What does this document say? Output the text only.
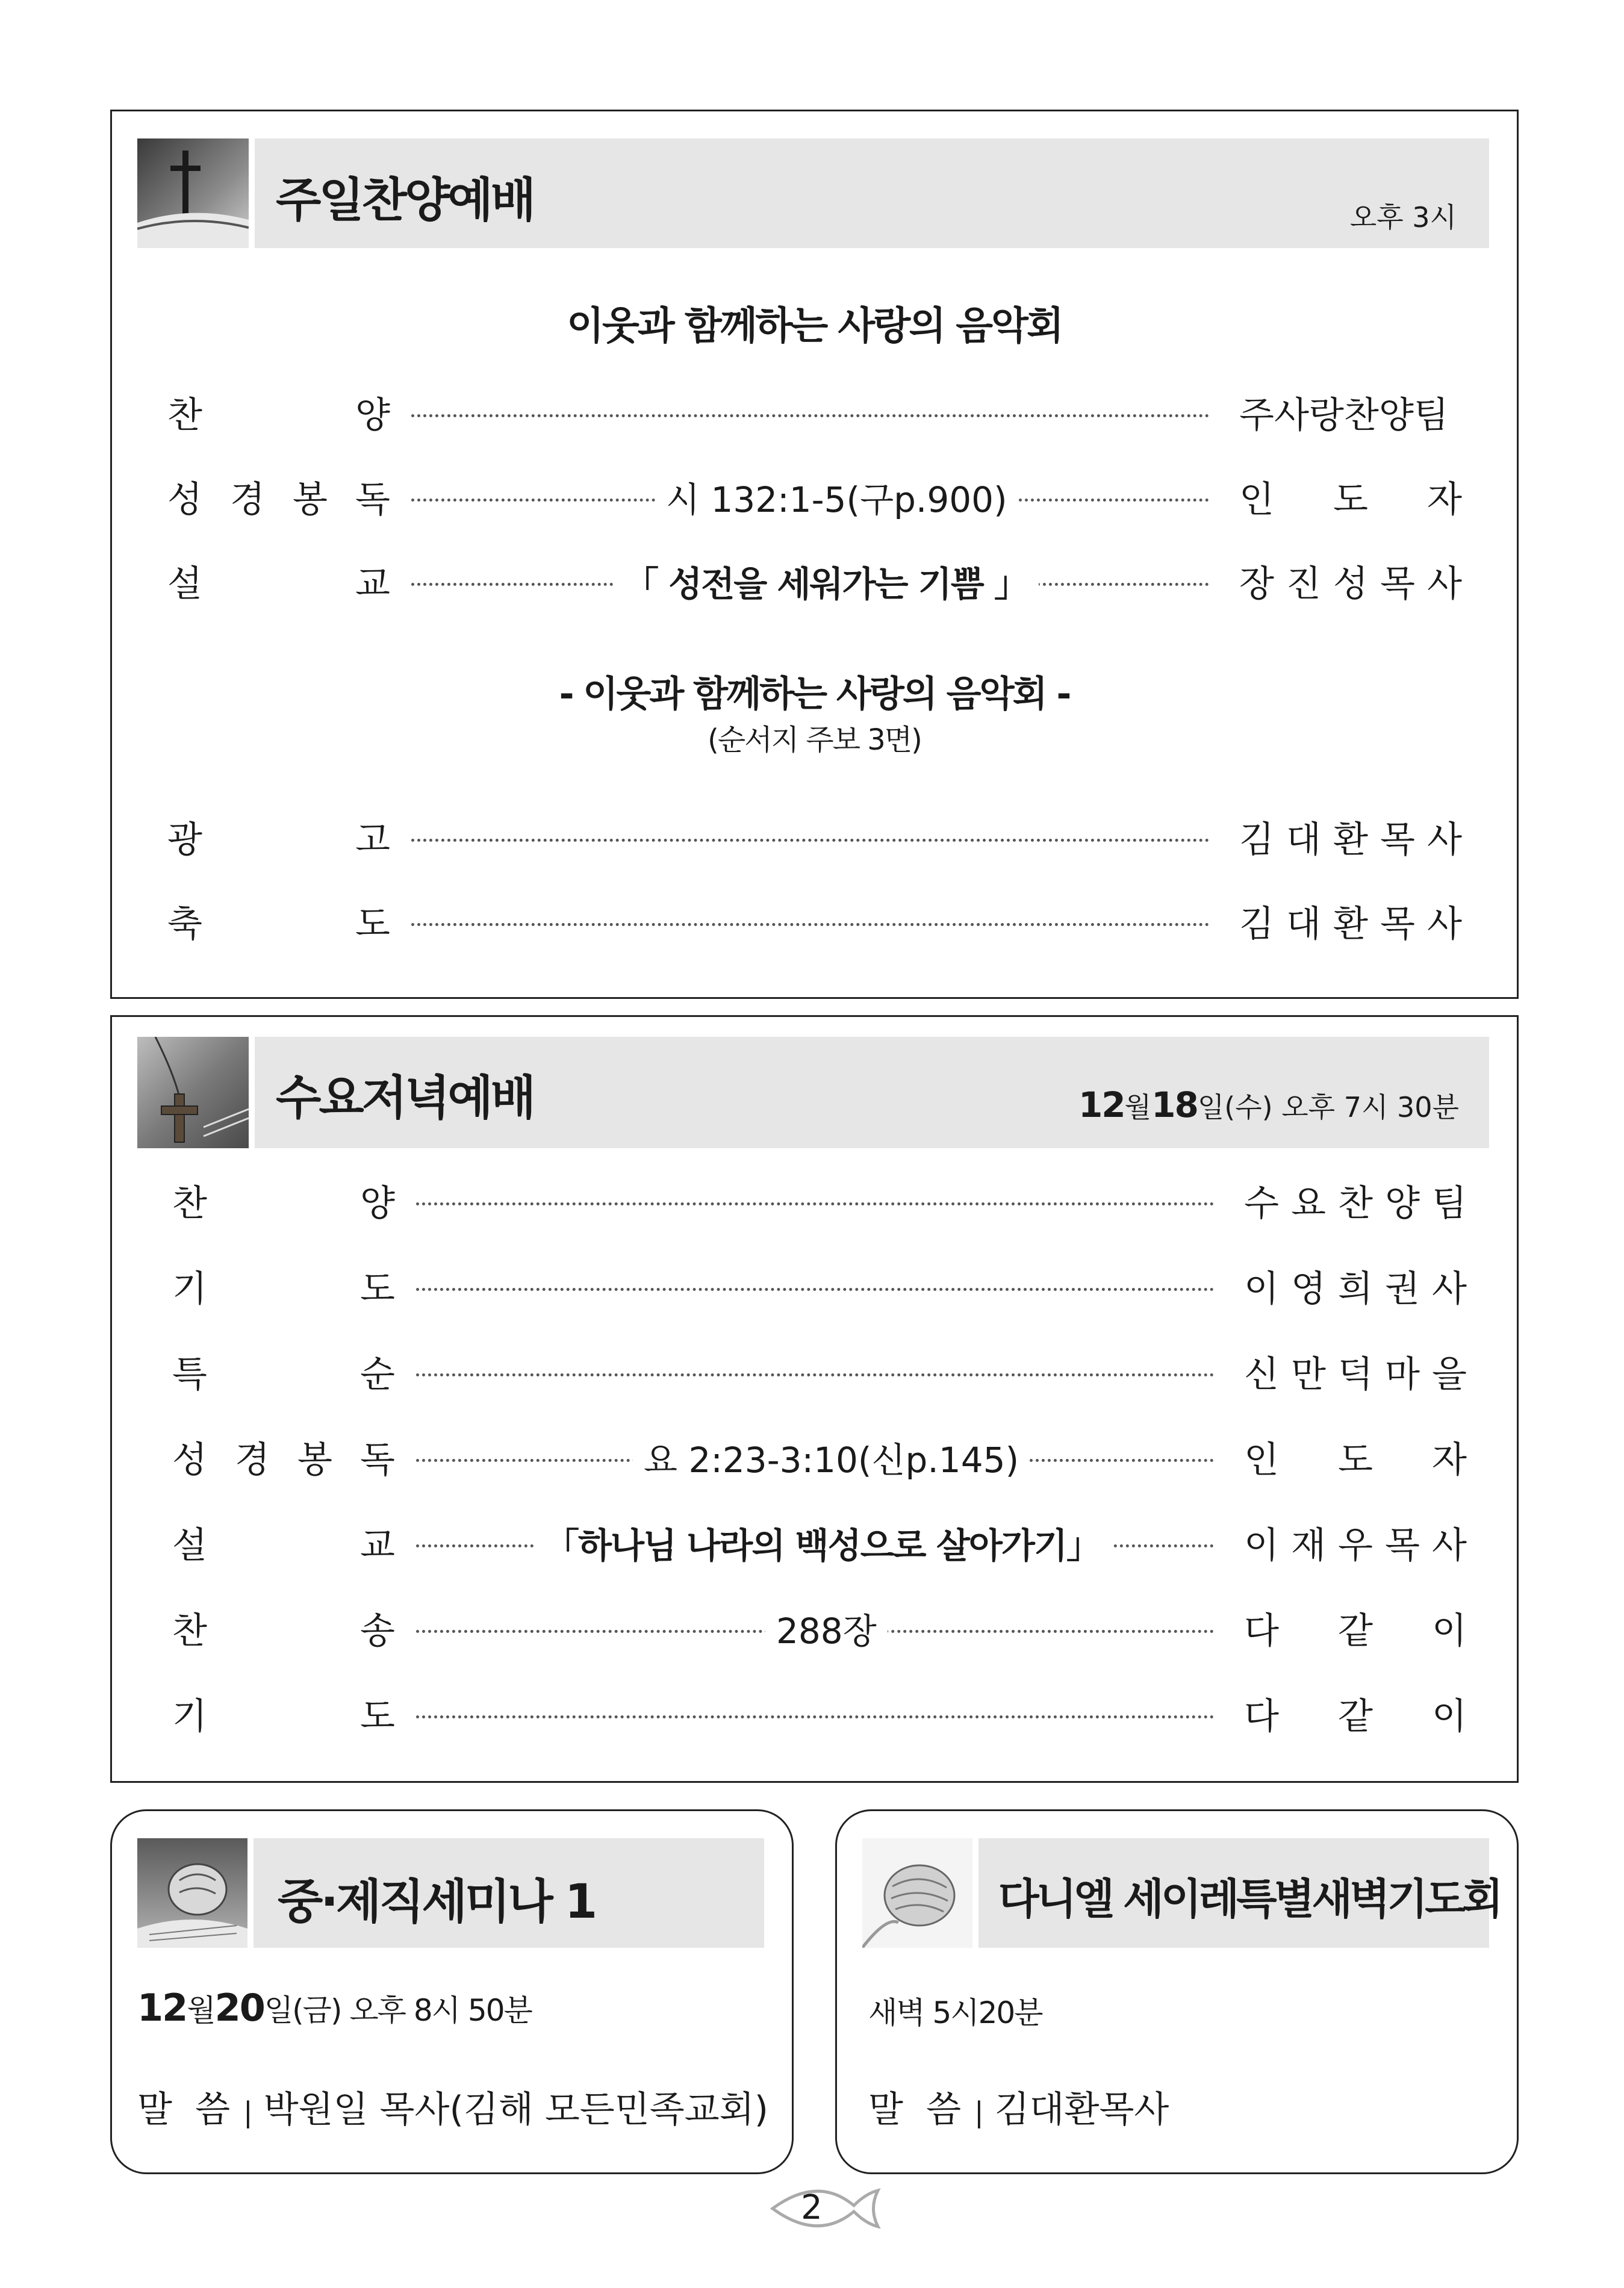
주일찬양예배	오후 3시
이웃과 함께하는 사랑의 음악회
찬	양	주사랑찬양팀
성 경 봉 독	시 132:1-5(구p.900)	인 도 자
설	교	「 성전을 세워가는 기쁨 」	장 진 성 목 사
- 이웃과 함께하는 사랑의 음악회 -
(순서지 주보 3면)
광	고	김 대 환 목 사
축	도	김 대 환 목 사
수요저녁예배	12월18일(수) 오후 7시 30분
찬	양	수 요 찬 양 팀
기	도	이 영 희 권 사
특	순	신 만 덕 마 을
성 경 봉 독	요 2:23-3:10(신p.145)	인 도 자
설	교	「하나님 나라의 백성으로 살아가기」	이 재 우 목 사
찬	송	288장	다 같 이
기	도	다 같 이
중·제직세미나 1
12월20일(금) 오후 8시 50분
말  씀 | 박원일 목사(김해 모든민족교회)
다니엘 세이레특별새벽기도회
새벽 5시20분
말  씀 | 김대환목사
2
